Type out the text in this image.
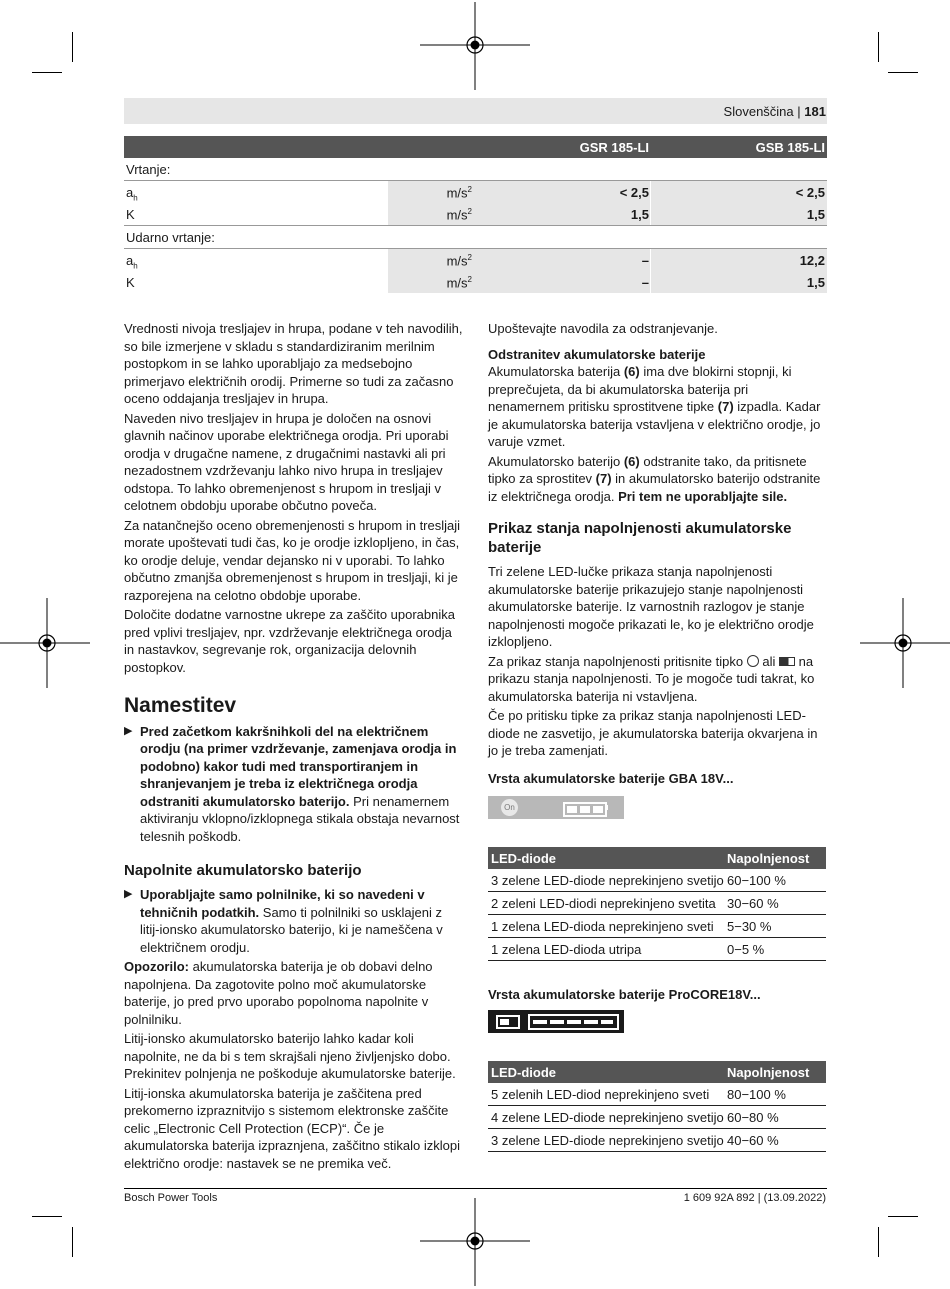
Slovenščina | 181
GSR 185-LI	GSB 185-LI
Vrtanje:
$a_h$	$m/s^2$	< 2,5	< 2,5
K	$m/s^2$	1,5	1,5
Udarno vrtanje:
$a_h$	$m/s^2$	–	12,2
K	$m/s^2$	–	1,5

Vrednosti nivoja tresljajev in hrupa, podane v teh navodilih, so bile izmerjene v skladu s standardiziranim merilnim postopkom in se lahko uporabljajo za medsebojno primerjavo električnih orodij. Primerne so tudi za začasno oceno oddajanja tresljajev in hrupa.

Naveden nivo tresljajev in hrupa je določen na osnovi glavnih načinov uporabe električnega orodja. Pri uporabi orodja v drugačne namene, z drugačnimi nastavki ali pri nezadostnem vzdrževanju lahko nivo hrupa in tresljajev odstopa. To lahko obremenjenost s hrupom in tresljaji v celotnem obdobju uporabe občutno poveča.

Za natančnejšo oceno obremenjenosti s hrupom in tresljaji morate upoštevati tudi čas, ko je orodje izklopljeno, in čas, ko orodje deluje, vendar dejansko ni v uporabi. To lahko občutno zmanjša obremenjenost s hrupom in tresljaji, ki je razporejena na celotno obdobje uporabe.

Določite dodatne varnostne ukrepe za zaščito uporabnika pred vplivi tresljajev, npr. vzdrževanje električnega orodja in nastavkov, segrevanje rok, organizacija delovnih postopkov.

Namestitev
▶ Pred začetkom kakršnihkoli del na električnem orodju (na primer vzdrževanje, zamenjava orodja in podobno) kakor tudi med transportiranjem in shranjevanjem je treba iz električnega orodja odstraniti akumulatorsko baterijo. Pri nenamernem aktiviranju vklopno/izklopnega stikala obstaja nevarnost telesnih poškodb.
Napolnite akumulatorsko baterijo
▶ Uporabljajte samo polnilnike, ki so navedeni v tehničnih podatkih. Samo ti polnilniki so usklajeni z litij-ionsko akumulatorsko baterijo, ki je nameščena v električnem orodju.

Opozorilo: akumulatorska baterija je ob dobavi delno napolnjena. Da zagotovite polno moč akumulatorske baterije, jo pred prvo uporabo popolnoma napolnite v polnilniku.

Litij-ionsko akumulatorsko baterijo lahko kadar koli napolnite, ne da bi s tem skrajšali njeno življenjsko dobo. Prekinitev polnjenja ne poškoduje akumulatorske baterije.

Litij-ionska akumulatorska baterija je zaščitena pred prekomerno izpraznitvijo s sistemom elektronske zaščite celic „Electronic Cell Protection (ECP)“. Če je akumulatorska baterija izpraznjena, zaščitno stikalo izklopi električno orodje: nastavek se ne premika več.

Upoštevajte navodila za odstranjevanje.

Odstranitev akumulatorske baterije

Akumulatorska baterija (6) ima dve blokirni stopnji, ki preprečujeta, da bi akumulatorska baterija pri nenamernem pritisku sprostitvene tipke (7) izpadla. Kadar je akumulatorska baterija vstavljena v električno orodje, jo varuje vzmet.

Akumulatorsko baterijo (6) odstranite tako, da pritisnete tipko za sprostitev (7) in akumulatorsko baterijo odstranite iz električnega orodja. Pri tem ne uporabljajte sile.

Prikaz stanja napolnjenosti akumulatorske baterije

Tri zelene LED-lučke prikaza stanja napolnjenosti akumulatorske baterije prikazujejo stanje napolnjenosti akumulatorske baterije. Iz varnostnih razlogov je stanje napolnjenosti mogoče prikazati le, ko je električno orodje izklopljeno.

Za prikaz stanja napolnjenosti pritisnite tipko ali na prikazu stanja napolnjenosti. To je mogoče tudi takrat, ko akumulatorska baterija ni vstavljena.

Če po pritisku tipke za prikaz stanja napolnjenosti LED-diode ne zasvetijo, je akumulatorska baterija okvarjena in jo je treba zamenjati.

Vrsta akumulatorske baterije GBA 18V...
On
LED-diode	Napolnjenost
3 zelene LED-diode neprekinjeno svetijo 60−100 %
2 zeleni LED-diodi neprekinjeno svetita 30−60 %
1 zelena LED-dioda neprekinjeno sveti 5−30 %
1 zelena LED-dioda utripa	0−5 %
Vrsta akumulatorske baterije ProCORE18V...
LED-diode	Napolnjenost
5 zelenih LED-diod neprekinjeno sveti 80−100 %
4 zelene LED-diode neprekinjeno svetijo 60−80 %
3 zelene LED-diode neprekinjeno svetijo 40−60 %
Bosch Power Tools	1 609 92A 892 | (13.09.2022)
